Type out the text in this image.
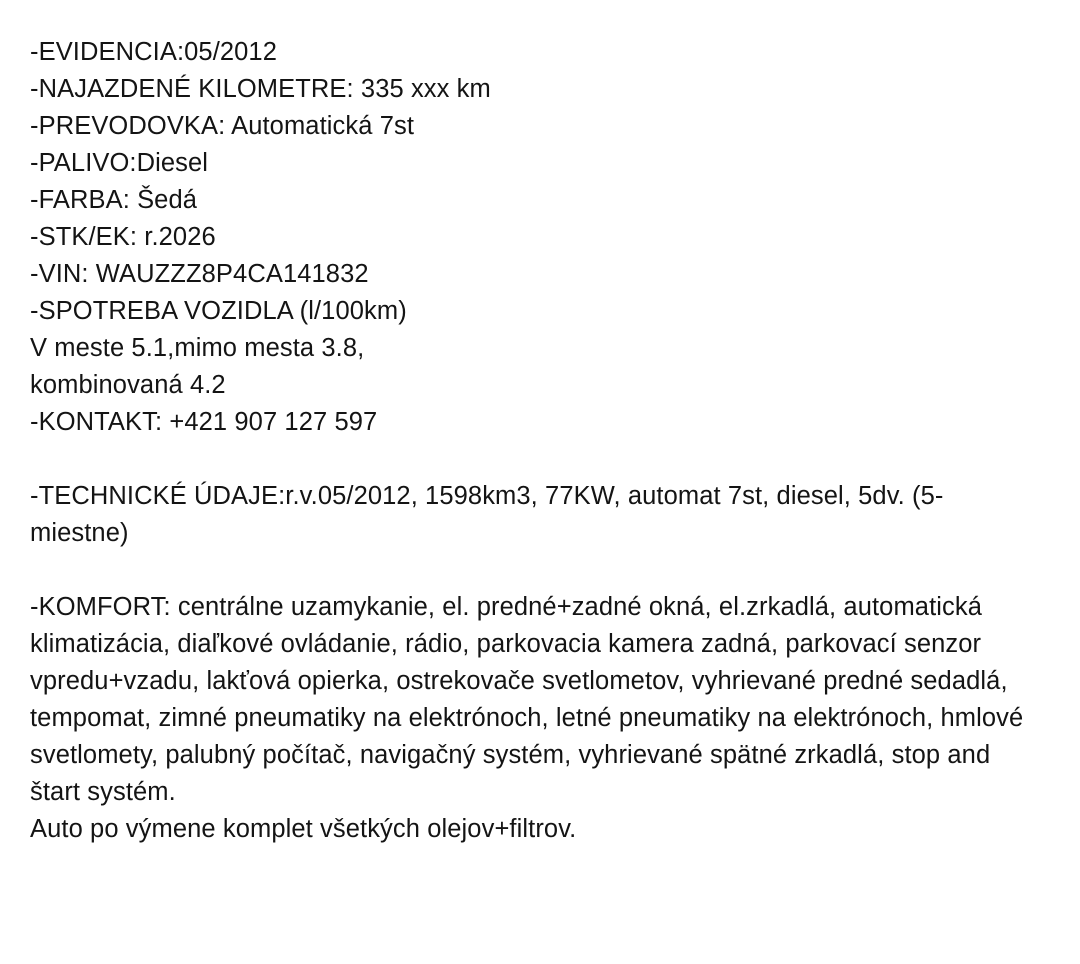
-EVIDENCIA:05/2012
-NAJAZDENÉ KILOMETRE: 335 xxx km
-PREVODOVKA: Automatická 7st
-PALIVO:Diesel
-FARBA: Šedá
-STK/EK: r.2026
-VIN: WAUZZZ8P4CA141832
-SPOTREBA VOZIDLA (l/100km)
V meste 5.1,mimo mesta 3.8,
kombinovaná 4.2
-KONTAKT: +421 907 127 597
-TECHNICKÉ ÚDAJE:r.v.05/2012, 1598km3, 77KW, automat 7st, diesel, 5dv. (5-miestne)
-KOMFORT: centrálne uzamykanie, el. predné+zadné okná, el.zrkadlá, automatická klimatizácia, diaľkové ovládanie, rádio, parkovacia kamera zadná, parkovací senzor vpredu+vzadu, lakťová opierka, ostrekovače svetlometov, vyhrievané predné sedadlá, tempomat, zimné pneumatiky na elektrónoch, letné pneumatiky na elektrónoch, hmlové svetlomety, palubný počítač, navigačný systém, vyhrievané spätné zrkadlá, stop and štart systém.
Auto po výmene komplet všetkých olejov+filtrov.
